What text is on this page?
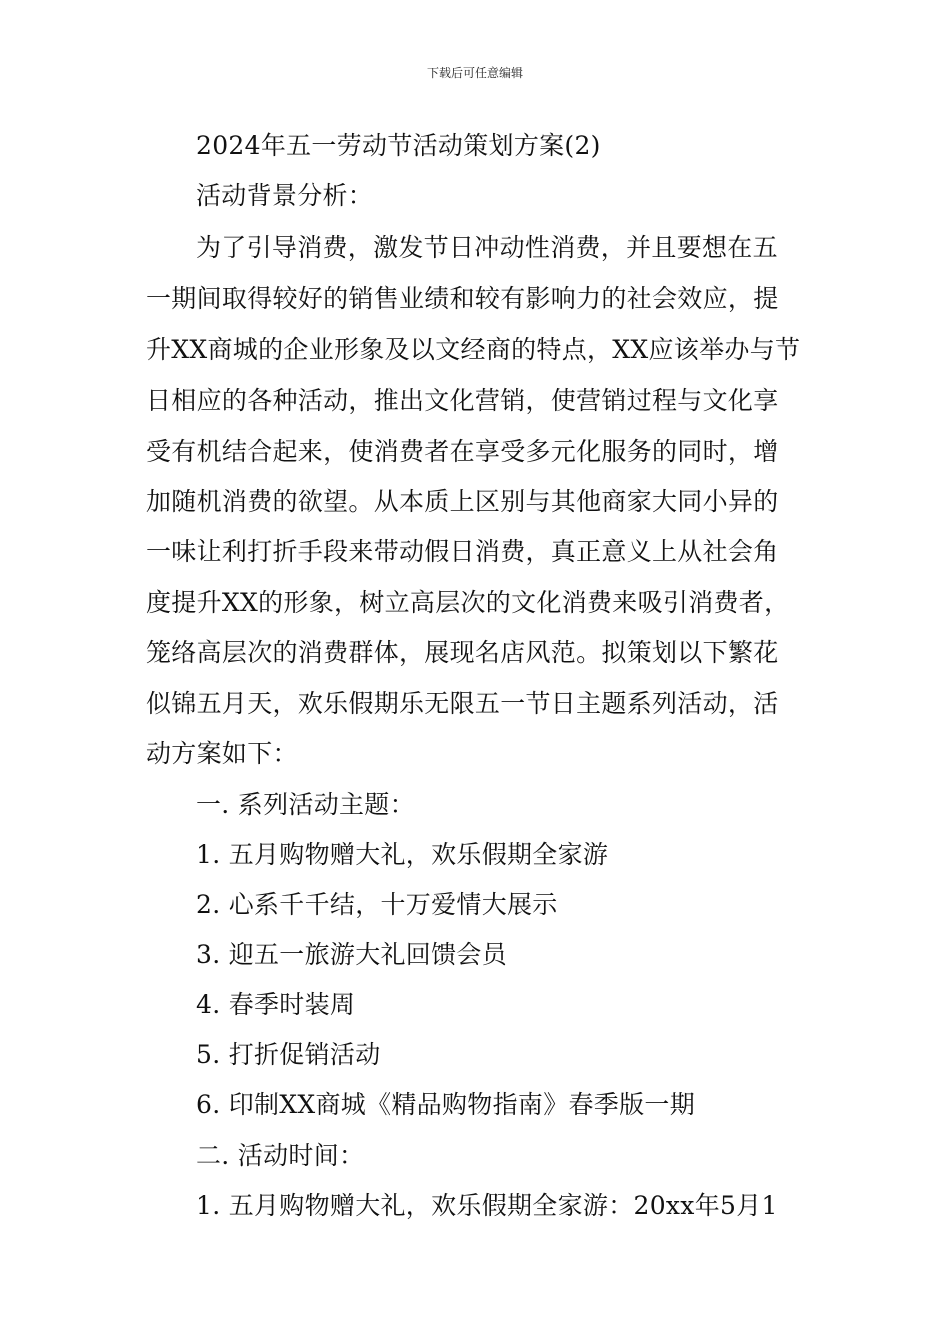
下载后可任意编辑
2024年五一劳动节活动策划方案(2)
活动背景分析：
为了引导消费，激发节日冲动性消费，并且要想在五
一期间取得较好的销售业绩和较有影响力的社会效应，提
升XX商城的企业形象及以文经商的特点，XX应该举办与节
日相应的各种活动，推出文化营销，使营销过程与文化享
受有机结合起来，使消费者在享受多元化服务的同时，增
加随机消费的欲望。从本质上区别与其他商家大同小异的
一味让利打折手段来带动假日消费，真正意义上从社会角
度提升XX的形象，树立高层次的文化消费来吸引消费者，
笼络高层次的消费群体，展现名店风范。拟策划以下繁花
似锦五月天，欢乐假期乐无限五一节日主题系列活动，活
动方案如下：
一. 系列活动主题：
1. 五月购物赠大礼，欢乐假期全家游
2. 心系千千结，十万爱情大展示
3. 迎五一旅游大礼回馈会员
4. 春季时装周
5. 打折促销活动
6. 印制XX商城《精品购物指南》春季版一期
二. 活动时间：
1. 五月购物赠大礼，欢乐假期全家游：20xx年5月1
